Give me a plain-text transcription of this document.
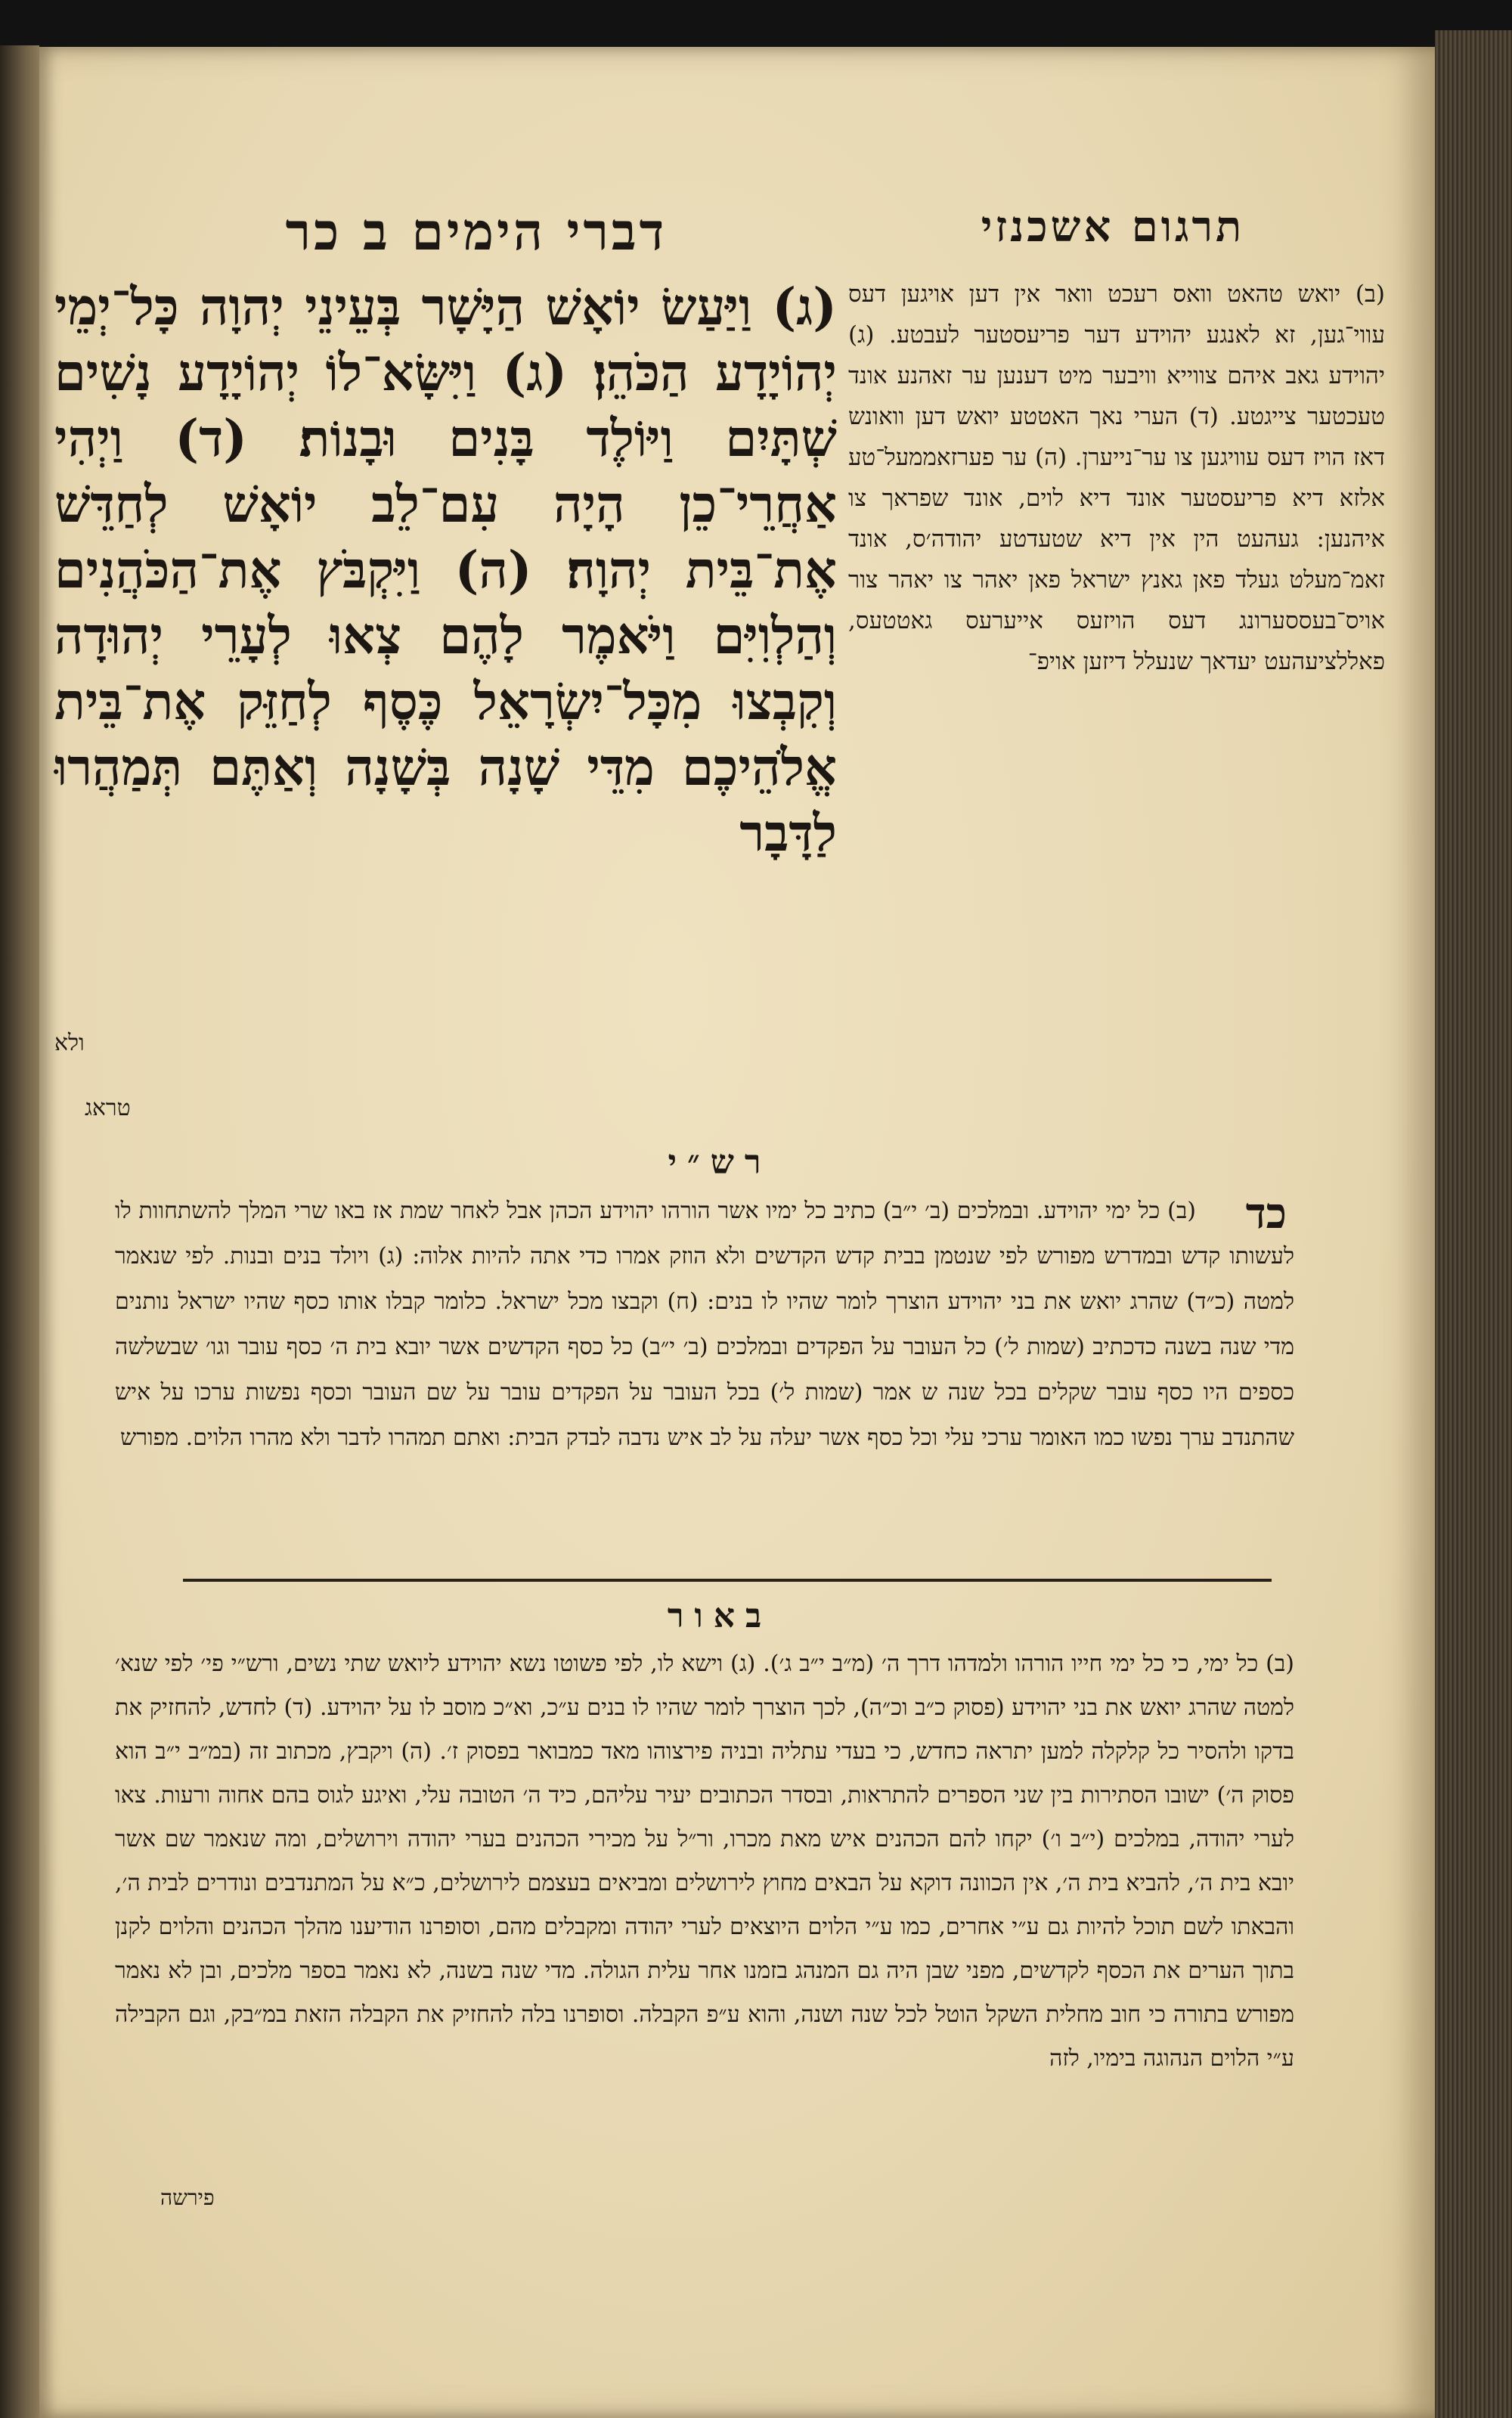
דברי הימים ב כר	תרגום אשכנזי
(ג) וַיַּעַשׂ יוֹאָשׁ הַיָּשָׁר בְּעֵינֵי יְהוָה כָּל־יְמֵי יְהוֹיָדָע הַכֹּהֵן׃ (ג) וַיִּשָּׂא־לוֹ יְהוֹיָדָע נָשִׁים שְׁתָּיִם וַיּוֹלֶד בָּנִים וּבָנוֹת׃ (ד) וַיְהִי אַחֲרֵי־כֵן הָיָה עִם־לֵב יוֹאָשׁ לְחַדֵּשׁ אֶת־בֵּית יְהוָה׃ (ה) וַיִּקְבֹּץ אֶת־הַכֹּהֲנִים וְהַלְוִיִּם וַיֹּאמֶר לָהֶם צְאוּ לְעָרֵי יְהוּדָה וְקִבְצוּ מִכָּל־יִשְׂרָאֵל כֶּסֶף לְחַזֵּק אֶת־בֵּית אֱלֹהֵיכֶם מִדֵּי שָׁנָה בְּשָׁנָה וְאַתֶּם תְּמַהֲרוּ לַדָּבָר
ולא
(ב) יואש טהאט וואס רעכט וואר אין דען אויגען דעס עווי־גען, זא לאנגע יהוידע דער פריעסטער לעבטע. (ג) יהוידע גאב איהם צווייא וויבער מיט דענען ער זאהנע אונד טעכטער צייגטע. (ד) הערי נאך האטטע יואש דען וואונש דאז הויז דעס עוויגען צו ער־נייערן. (ה) ער פערזאממעל־טע אלזא דיא פריעסטער אונד דיא לוים, אונד שפראך צו איהנען: געהעט הין אין דיא שטעדטע יהודה׳ס, אונד זאמ־מעלט געלד פאן גאנץ ישראל פאן יאהר צו יאהר צור אויס־בעססערונג דעס הויזעס אייערעס גאטטעס, פאללציעהעט יעדאך שנעלל דיזען אויפ־
טראג
רש״י
כד
(ב) כל ימי יהוידע. ובמלכים (ב׳ י״ב) כתיב כל ימיו אשר הורהו יהוידע הכהן אבל לאחר שמת אז באו שרי המלך להשתחוות לו לעשותו קדש ובמדרש מפורש לפי שנטמן בבית קדש הקדשים ולא הוזק אמרו כדי אתה להיות אלוה: (ג) ויולד בנים ובנות. לפי שנאמר למטה (כ״ד) שהרג יואש את בני יהוידע הוצרך לומר שהיו לו בנים: (ח) וקבצו מכל ישראל. כלומר קבלו אותו כסף שהיו ישראל נותנים מדי שנה בשנה כדכתיב (שמות ל׳) כל העובר על הפקדים ובמלכים (ב׳ י״ב) כל כסף הקדשים אשר יובא בית ה׳ כסף עובר וגו׳ שבשלשה כספים היו כסף עובר שקלים בכל שנה ש אמר (שמות ל׳) בכל העובר על הפקדים עובר על שם העובר וכסף נפשות ערכו על איש שהתנדב ערך נפשו כמו האומר ערכי עלי וכל כסף אשר יעלה על לב איש נדבה לבדק הבית: ואתם תמהרו לדבר ולא מהרו הלוים. מפורש
באור
(ב) כל ימי, כי כל ימי חייו הורהו ולמדהו דרך ה׳ (מ״ב י״ב ג׳). (ג) וישא לו, לפי פשוטו נשא יהוידע ליואש שתי נשים, ורש״י פי׳ לפי שנא׳ למטה שהרג יואש את בני יהוידע (פסוק כ״ב וכ״ה), לכך הוצרך לומר שהיו לו בנים ע״כ, וא״כ מוסב לו על יהוידע. (ד) לחדש, להחזיק את בדקו ולהסיר כל קלקלה למען יתראה כחדש, כי בעדי עתליה ובניה פירצוהו מאד כמבואר בפסוק ז׳. (ה) ויקבץ, מכתוב זה (במ״ב י״ב הוא פסוק ה׳) ישובו הסתירות בין שני הספרים להתראות, ובסדר הכתובים יעיר עליהם, כיד ה׳ הטובה עלי, ואיגע לגוס בהם אחוה ורעות. צאו לערי יהודה, במלכים (י״ב ו׳) יקחו להם הכהנים איש מאת מכרו, ור״ל על מכירי הכהנים בערי יהודה וירושלים, ומה שנאמר שם אשר יובא בית ה׳, להביא בית ה׳, אין הכוונה דוקא על הבאים מחוץ לירושלים ומביאים בעצמם לירושלים, כ״א על המתנדבים ונודרים לבית ה׳, והבאתו לשם תוכל להיות גם ע״י אחרים, כמו ע״י הלוים היוצאים לערי יהודה ומקבלים מהם, וסופרנו הודיענו מהלך הכהנים והלוים לקנן בתוך הערים את הכסף לקדשים, מפני שבן היה גם המנהג בזמנו אחר עלית הגולה. מדי שנה בשנה, לא נאמר בספר מלכים, ובן לא נאמר מפורש בתורה כי חוב מחלית השקל הוטל לכל שנה ושנה, והוא ע״פ הקבלה. וסופרנו בלה להחזיק את הקבלה הזאת במ״בק, וגם הקבילה ע״י הלוים הנהוגה בימיו, לזה
פירשה
